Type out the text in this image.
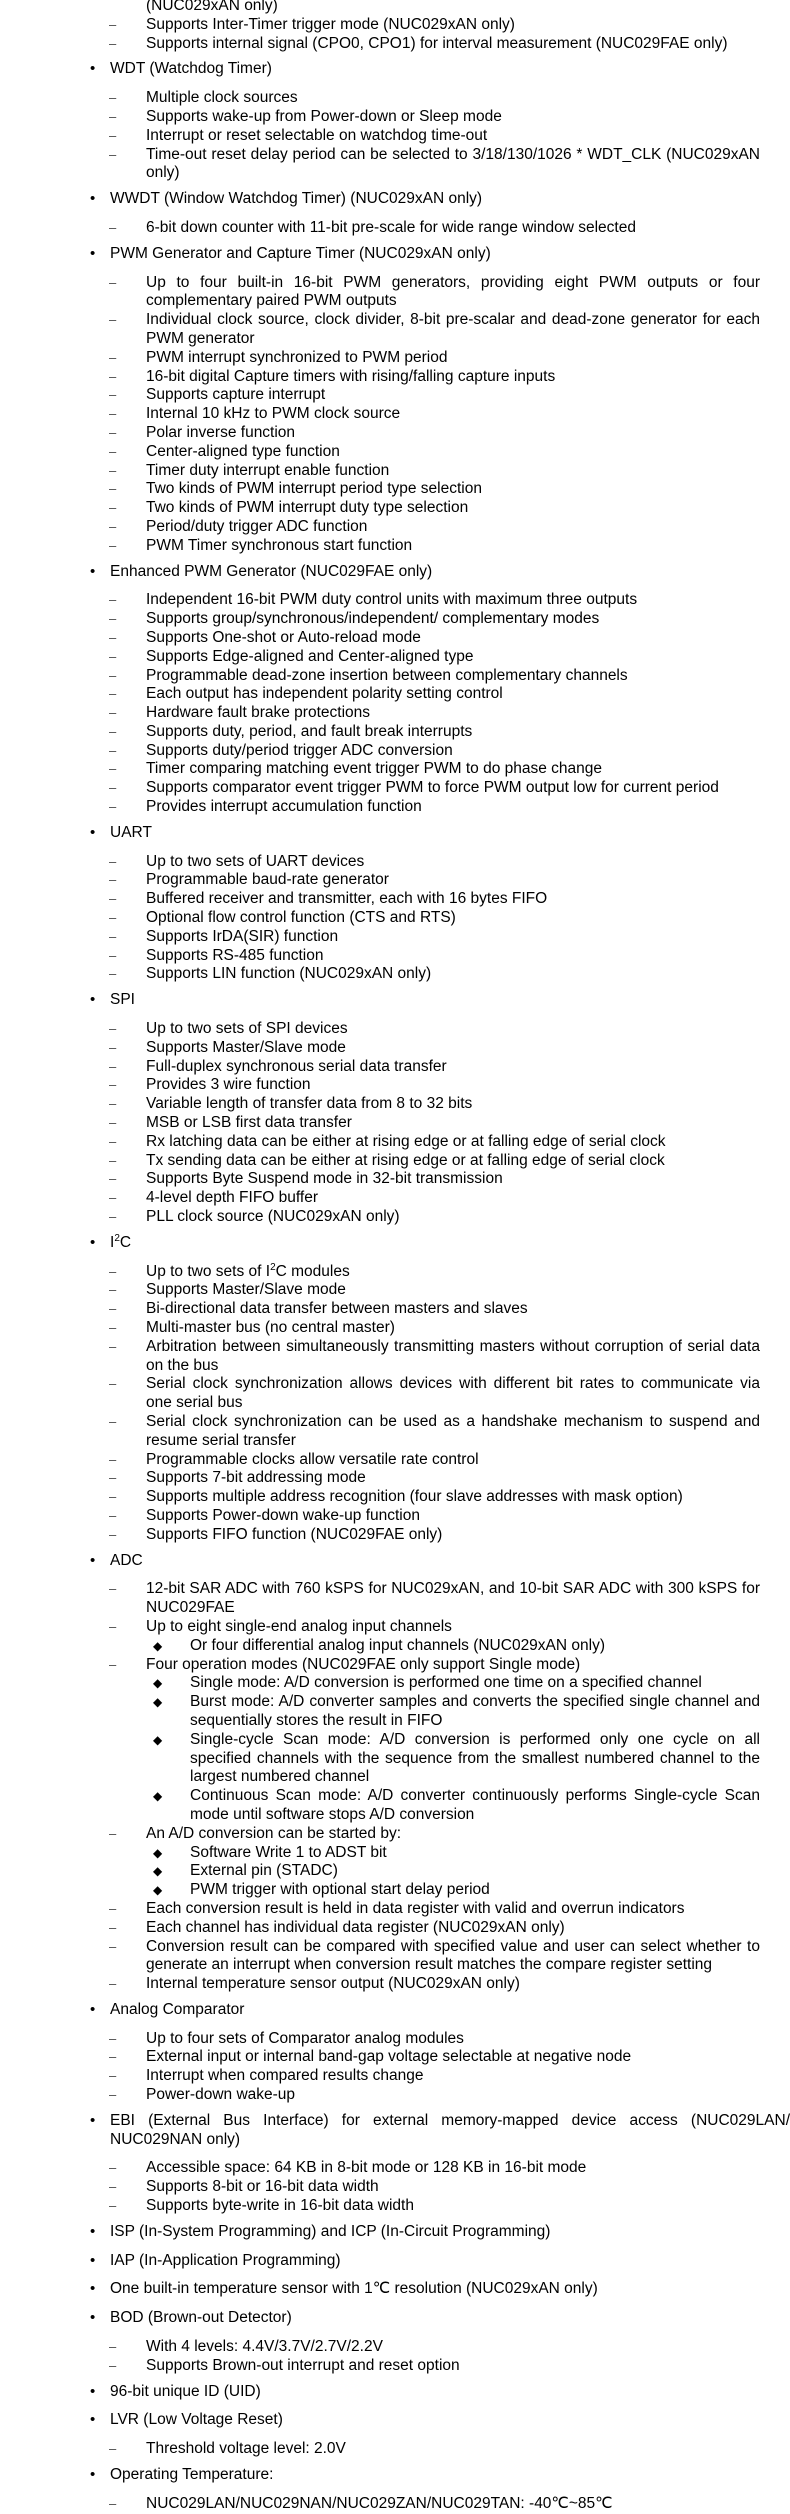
(NUC029xAN only)
– Supports Inter-Timer trigger mode (NUC029xAN only)
– Supports internal signal (CPO0, CPO1) for interval measurement (NUC029FAE only)
• WDT (Watchdog Timer)
– Multiple clock sources
– Supports wake-up from Power-down or Sleep mode
– Interrupt or reset selectable on watchdog time-out
– Time-out reset delay period can be selected to 3/18/130/1026 * WDT_CLK (NUC029xAN only)
• WWDT (Window Watchdog Timer) (NUC029xAN only)
– 6-bit down counter with 11-bit pre-scale for wide range window selected
• PWM Generator and Capture Timer (NUC029xAN only)
– Up to four built-in 16-bit PWM generators, providing eight PWM outputs or four complementary paired PWM outputs
– Individual clock source, clock divider, 8-bit pre-scalar and dead-zone generator for each PWM generator
– PWM interrupt synchronized to PWM period
– 16-bit digital Capture timers with rising/falling capture inputs
– Supports capture interrupt
– Internal 10 kHz to PWM clock source
– Polar inverse function
– Center-aligned type function
– Timer duty interrupt enable function
– Two kinds of PWM interrupt period type selection
– Two kinds of PWM interrupt duty type selection
– Period/duty trigger ADC function
– PWM Timer synchronous start function
• Enhanced PWM Generator (NUC029FAE only)
– Independent 16-bit PWM duty control units with maximum three outputs
– Supports group/synchronous/independent/ complementary modes
– Supports One-shot or Auto-reload mode
– Supports Edge-aligned and Center-aligned type
– Programmable dead-zone insertion between complementary channels
– Each output has independent polarity setting control
– Hardware fault brake protections
– Supports duty, period, and fault break interrupts
– Supports duty/period trigger ADC conversion
– Timer comparing matching event trigger PWM to do phase change
– Supports comparator event trigger PWM to force PWM output low for current period
– Provides interrupt accumulation function
• UART
– Up to two sets of UART devices
– Programmable baud-rate generator
– Buffered receiver and transmitter, each with 16 bytes FIFO
– Optional flow control function (CTS and RTS)
– Supports IrDA(SIR) function
– Supports RS-485 function
– Supports LIN function (NUC029xAN only)
• SPI
– Up to two sets of SPI devices
– Supports Master/Slave mode
– Full-duplex synchronous serial data transfer
– Provides 3 wire function
– Variable length of transfer data from 8 to 32 bits
– MSB or LSB first data transfer
– Rx latching data can be either at rising edge or at falling edge of serial clock
– Tx sending data can be either at rising edge or at falling edge of serial clock
– Supports Byte Suspend mode in 32-bit transmission
– 4-level depth FIFO buffer
– PLL clock source (NUC029xAN only)
• $I^2C$
– Up to two sets of $I^2C$ modules
– Supports Master/Slave mode
– Bi-directional data transfer between masters and slaves
– Multi-master bus (no central master)
– Arbitration between simultaneously transmitting masters without corruption of serial data on the bus
– Serial clock synchronization allows devices with different bit rates to communicate via one serial bus
– Serial clock synchronization can be used as a handshake mechanism to suspend and resume serial transfer
– Programmable clocks allow versatile rate control
– Supports 7-bit addressing mode
– Supports multiple address recognition (four slave addresses with mask option)
– Supports Power-down wake-up function
– Supports FIFO function (NUC029FAE only)
• ADC
– 12-bit SAR ADC with 760 kSPS for NUC029xAN, and 10-bit SAR ADC with 300 kSPS for NUC029FAE
– Up to eight single-end analog input channels
◆ Or four differential analog input channels (NUC029xAN only)
– Four operation modes (NUC029FAE only support Single mode)
◆ Single mode: A/D conversion is performed one time on a specified channel
◆ Burst mode: A/D converter samples and converts the specified single channel and sequentially stores the result in FIFO
◆ Single-cycle Scan mode: A/D conversion is performed only one cycle on all specified channels with the sequence from the smallest numbered channel to the largest numbered channel
◆ Continuous Scan mode: A/D converter continuously performs Single-cycle Scan mode until software stops A/D conversion
– An A/D conversion can be started by:
◆ Software Write 1 to ADST bit
◆ External pin (STADC)
◆ PWM trigger with optional start delay period
– Each conversion result is held in data register with valid and overrun indicators
– Each channel has individual data register (NUC029xAN only)
– Conversion result can be compared with specified value and user can select whether to generate an interrupt when conversion result matches the compare register setting
– Internal temperature sensor output (NUC029xAN only)
• Analog Comparator
– Up to four sets of Comparator analog modules
– External input or internal band-gap voltage selectable at negative node
– Interrupt when compared results change
– Power-down wake-up
• EBI (External Bus Interface) for external memory-mapped device access (NUC029LAN/ NUC029NAN only)
– Accessible space: 64 KB in 8-bit mode or 128 KB in 16-bit mode
– Supports 8-bit or 16-bit data width
– Supports byte-write in 16-bit data width
• ISP (In-System Programming) and ICP (In-Circuit Programming)
• IAP (In-Application Programming)
• One built-in temperature sensor with 1℃ resolution (NUC029xAN only)
• BOD (Brown-out Detector)
– With 4 levels: 4.4V/3.7V/2.7V/2.2V
– Supports Brown-out interrupt and reset option
• 96-bit unique ID (UID)
• LVR (Low Voltage Reset)
– Threshold voltage level: 2.0V
• Operating Temperature:
– NUC029LAN/NUC029NAN/NUC029ZAN/NUC029TAN: -40℃~85℃
